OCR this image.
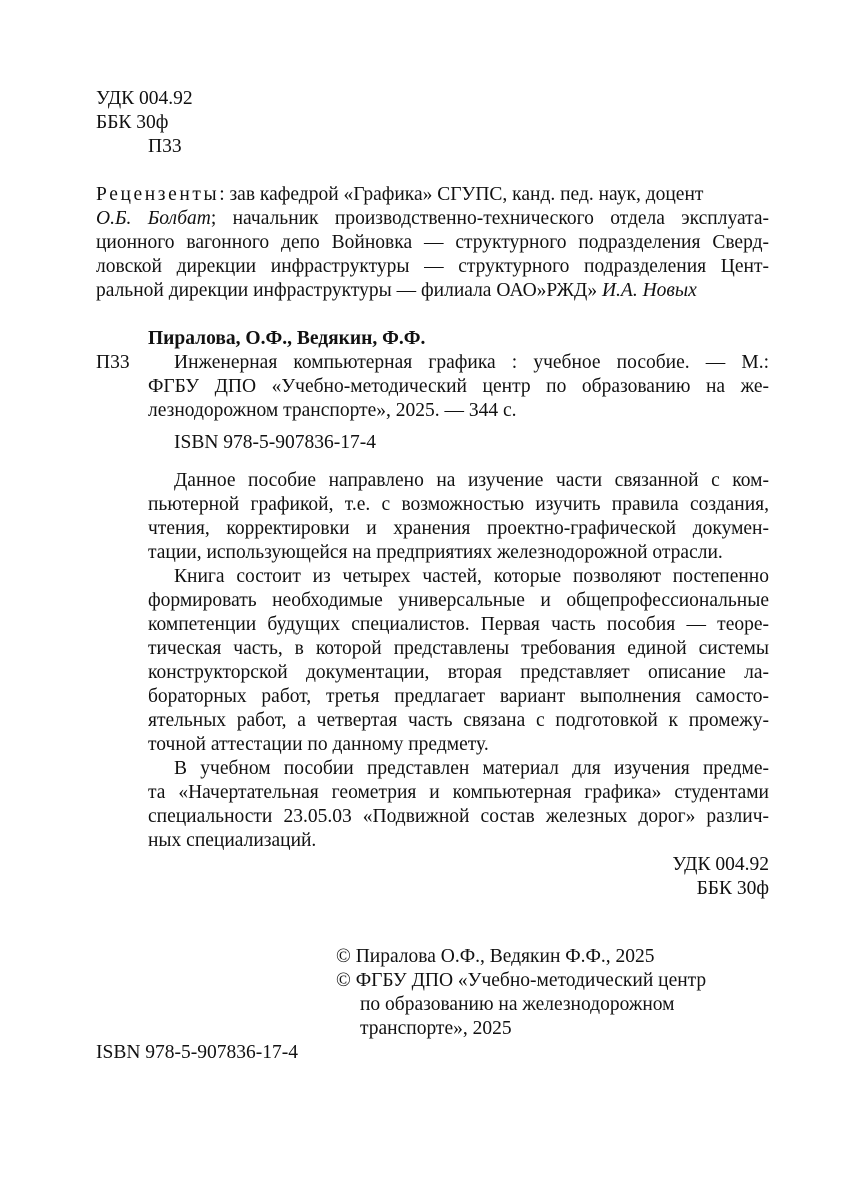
УДК 004.92
ББК 30ф
П33
Рецензенты: зав кафедрой «Графика» СГУПС, канд. пед. наук, доцент
О.Б. Болбат; начальник производственно-технического отдела эксплуата-
ционного вагонного депо Войновка — структурного подразделения Сверд-
ловской дирекции инфраструктуры — структурного подразделения Цент-
ральной дирекции инфраструктуры — филиала ОАО»РЖД» И.А. Новых
Пиралова, О.Ф., Ведякин, Ф.Ф.
П33 Инженерная компьютерная графика : учебное пособие. — М.:
ФГБУ ДПО «Учебно-методический центр по образованию на же-
лезнодорожном транспорте», 2025. — 344 с.
ISBN 978-5-907836-17-4
Данное пособие направлено на изучение части связанной с ком-
пьютерной графикой, т.е. с возможностью изучить правила создания,
чтения, корректировки и хранения проектно-графической докумен-
тации, использующейся на предприятиях железнодорожной отрасли.
Книга состоит из четырех частей, которые позволяют постепенно
формировать необходимые универсальные и общепрофессиональные
компетенции будущих специалистов. Первая часть пособия — теоре-
тическая часть, в которой представлены требования единой системы
конструкторской документации, вторая представляет описание ла-
бораторных работ, третья предлагает вариант выполнения самосто-
ятельных работ, а четвертая часть связана с подготовкой к промежу-
точной аттестации по данному предмету.
В учебном пособии представлен материал для изучения предме-
та «Начертательная геометрия и компьютерная графика» студентами
специальности 23.05.03 «Подвижной состав железных дорог» различ-
ных специализаций.
УДК 004.92
ББК 30ф
© Пиралова О.Ф., Ведякин Ф.Ф., 2025
© ФГБУ ДПО «Учебно-методический центр
по образованию на железнодорожном
транспорте», 2025
ISBN 978-5-907836-17-4
